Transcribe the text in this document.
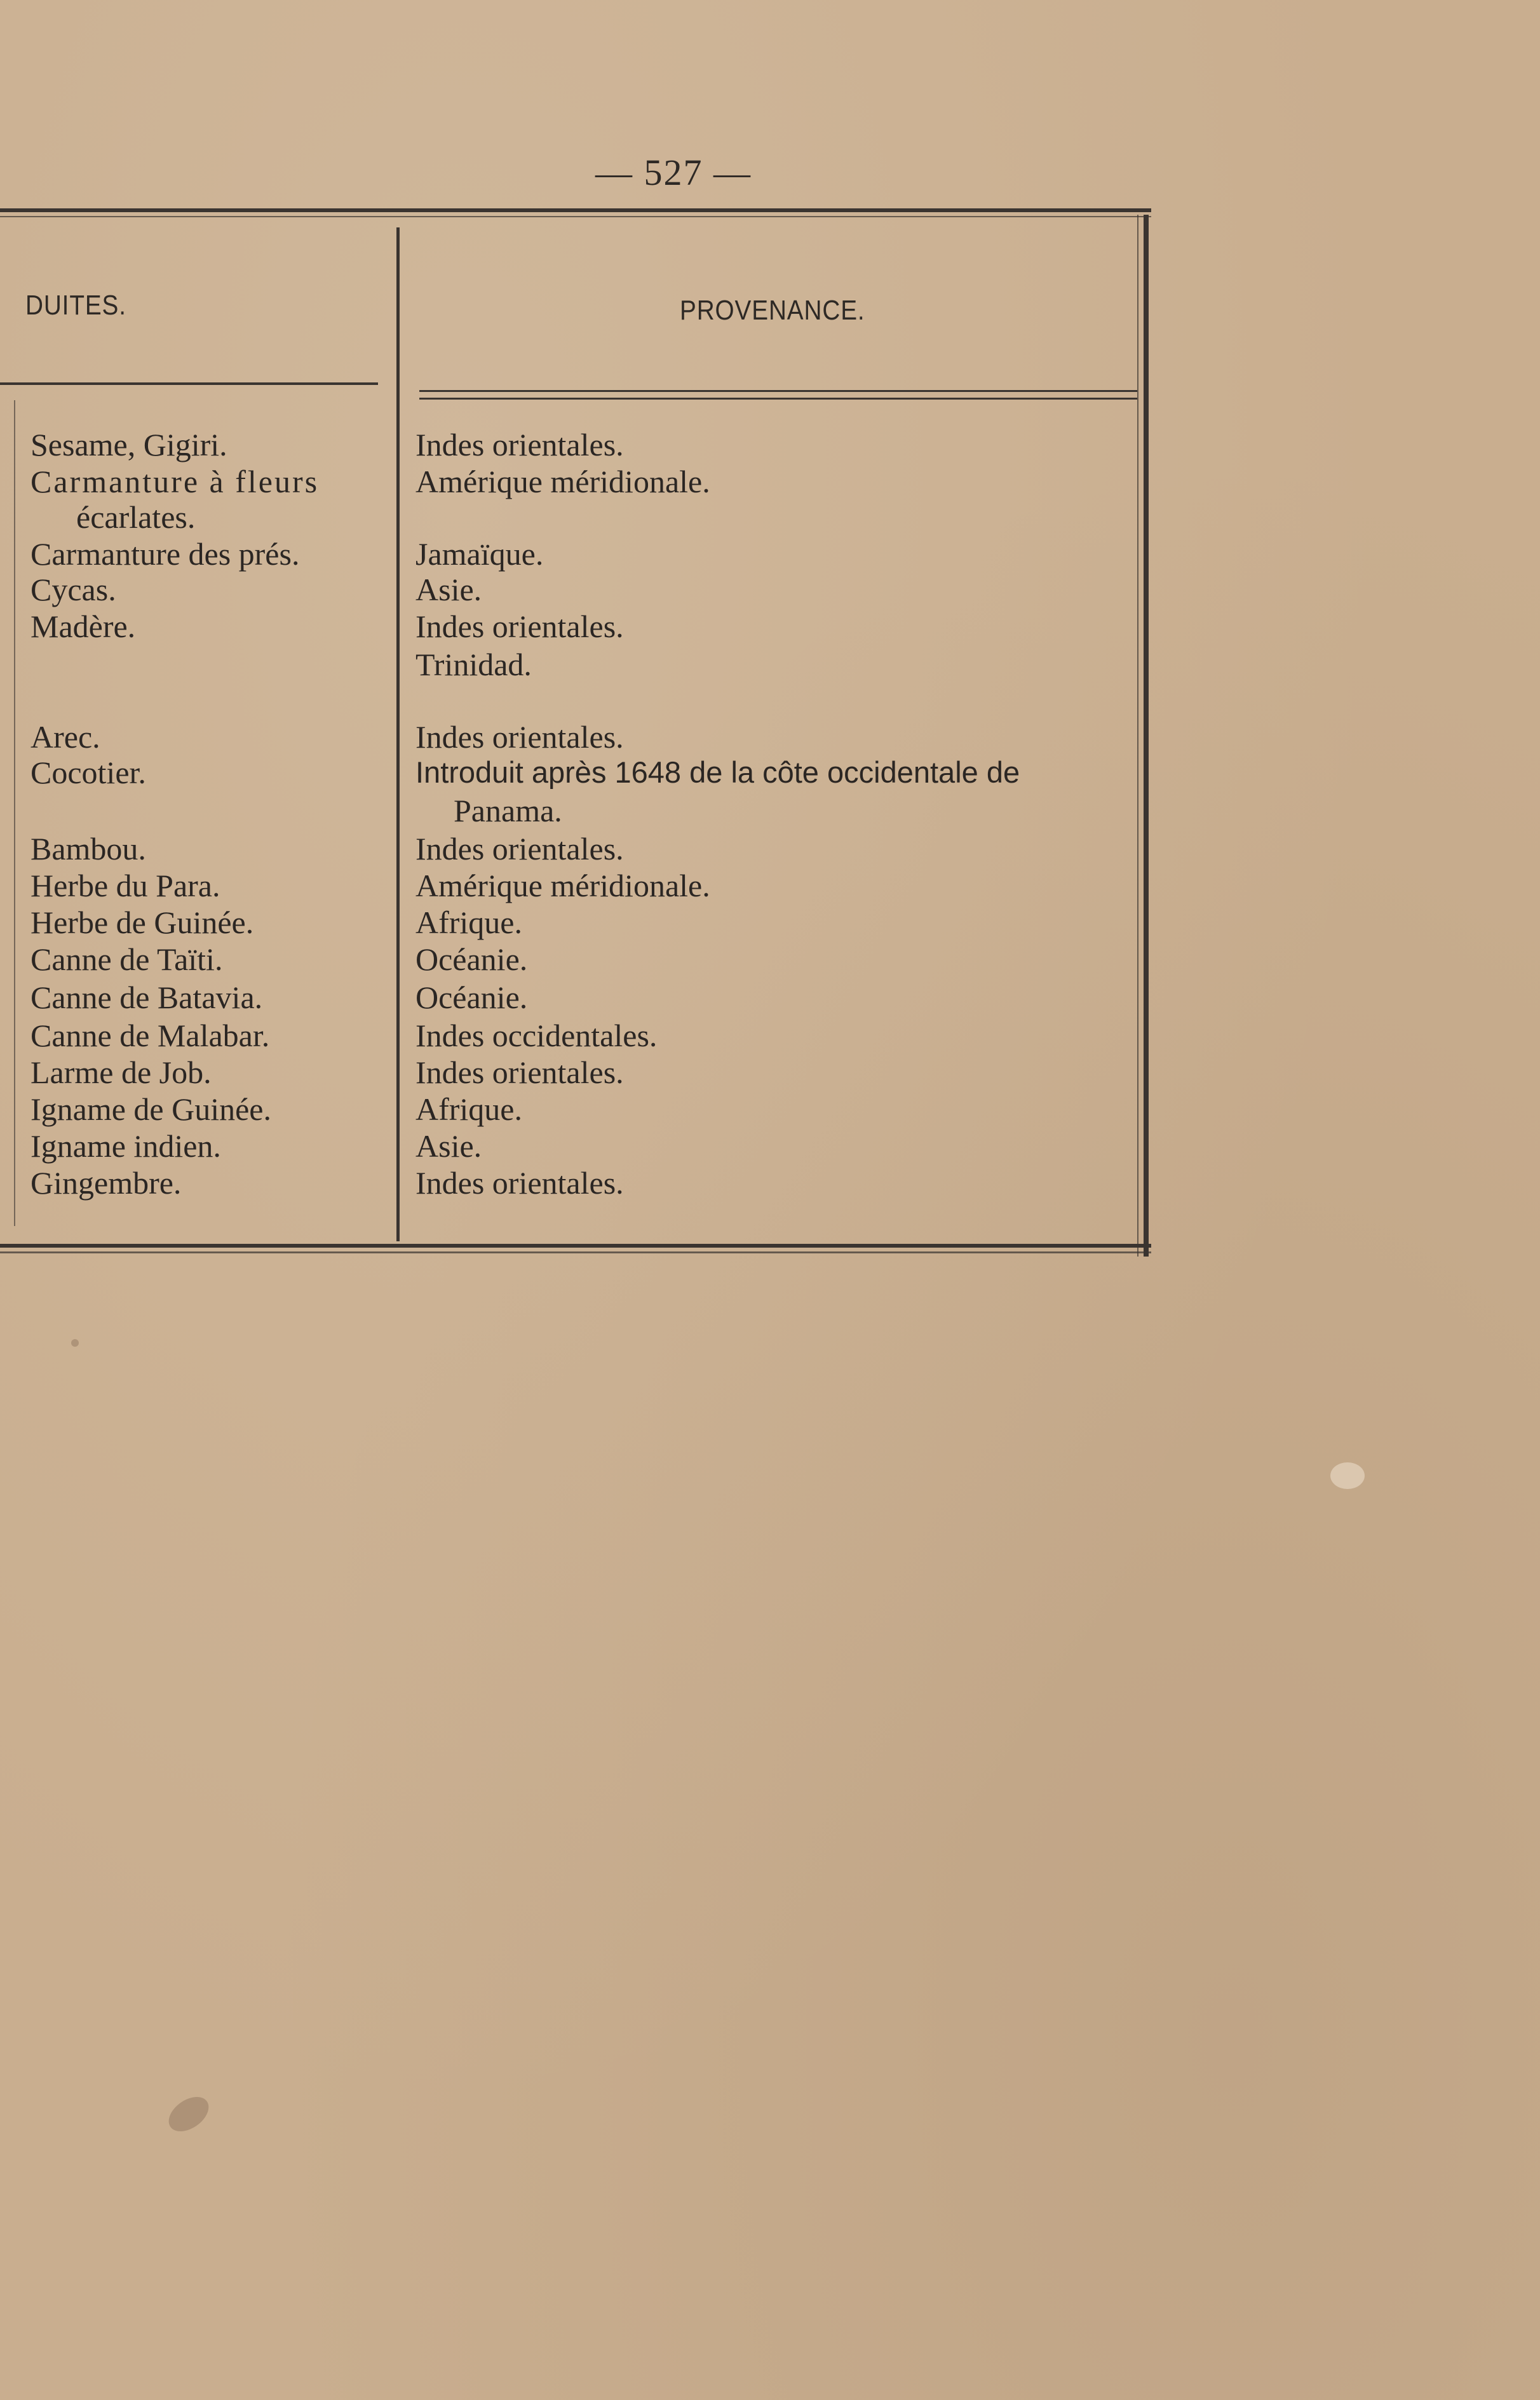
— 527 —
DUITES.	PROVENANCE.
Sesame, Gigiri.
Carmanture à fleurs
écarlates.
Carmanture des prés.
Cycas.
Madère.
Arec.
Cocotier.
Bambou.
Herbe du Para.
Herbe de Guinée.
Canne de Taïti.
Canne de Batavia.
Canne de Malabar.
Larme de Job.
Igname de Guinée.
Igname indien.
Gingembre.
Indes orientales.
Amérique méridionale.
Jamaïque.
Asie.
Indes orientales.
Trinidad.
Indes orientales.
Introduit après 1648 de la côte occidentale de
Panama.
Indes orientales.
Amérique méridionale.
Afrique.
Océanie.
Océanie.
Indes occidentales.
Indes orientales.
Afrique.
Asie.
Indes orientales.
